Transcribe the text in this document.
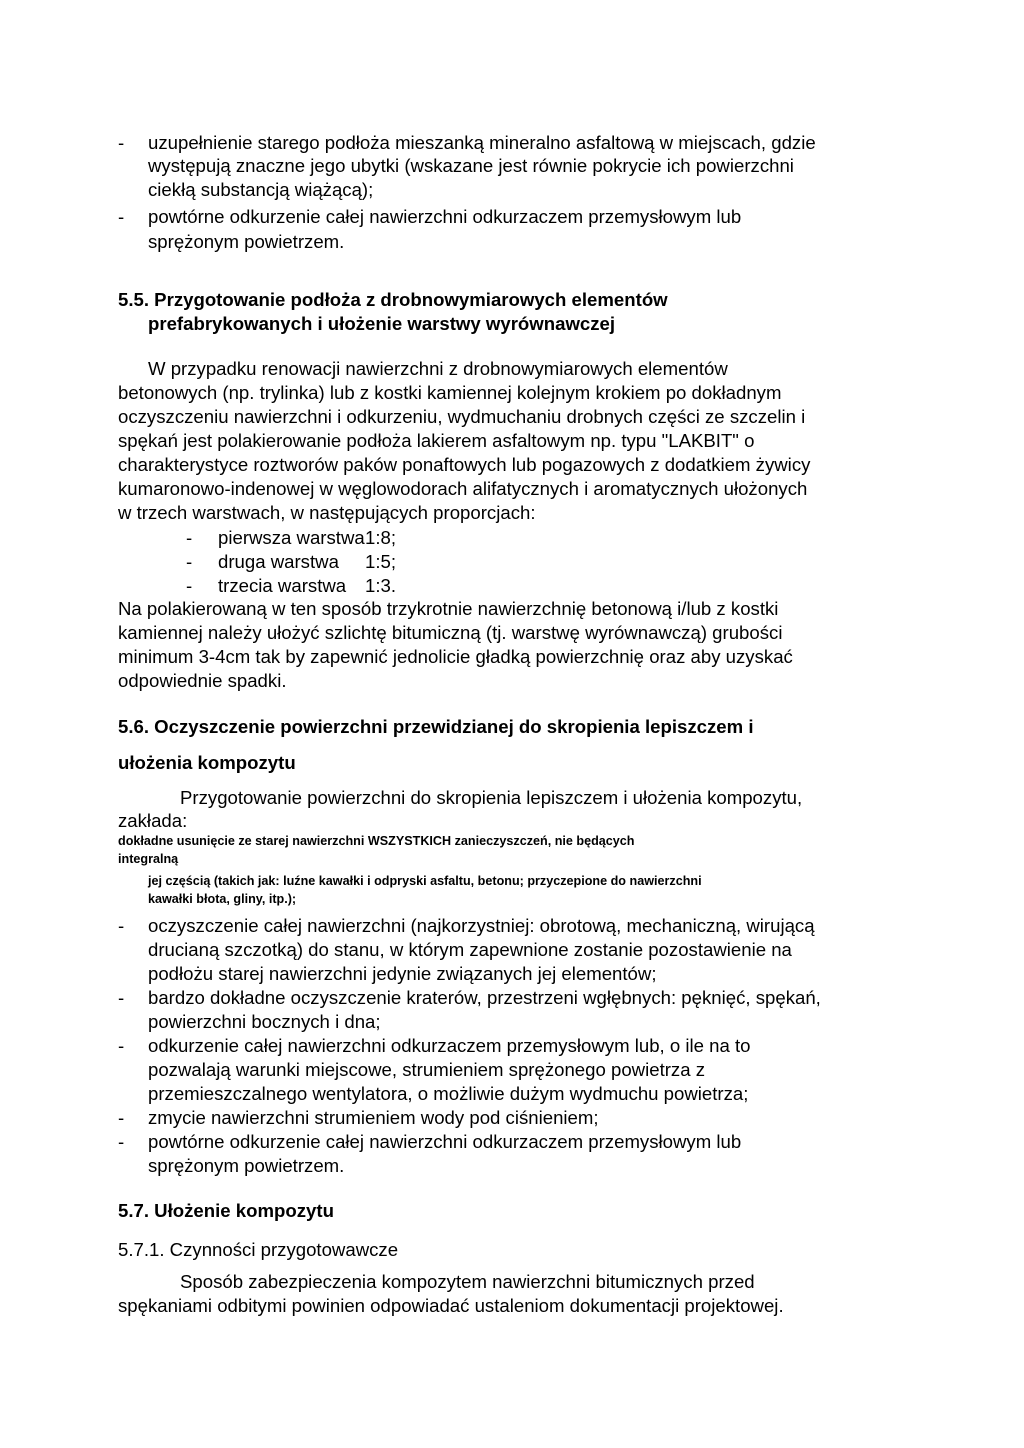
- uzupełnienie starego podłoża mieszanką mineralno asfaltową w miejscach, gdzie
występują znaczne jego ubytki (wskazane jest równie pokrycie ich powierzchni
ciekłą substancją wiążącą);
- powtórne odkurzenie całej nawierzchni odkurzaczem przemysłowym lub
sprężonym powietrzem.
5.5. Przygotowanie podłoża z drobnowymiarowych elementów
prefabrykowanych i ułożenie warstwy wyrównawczej
W przypadku renowacji nawierzchni z drobnowymiarowych elementów
betonowych (np. trylinka) lub z kostki kamiennej kolejnym krokiem po dokładnym
oczyszczeniu nawierzchni i odkurzeniu, wydmuchaniu drobnych części ze szczelin i
spękań jest polakierowanie podłoża lakierem asfaltowym np. typu "LAKBIT" o
charakterystyce roztworów paków ponaftowych lub pogazowych z dodatkiem żywicy
kumaronowo-indenowej w węglowodorach alifatycznych i aromatycznych ułożonych
w trzech warstwach, w następujących proporcjach:
- pierwsza warstwa 1:8;
- druga warstwa 1:5;
- trzecia warstwa 1:3.
Na polakierowaną w ten sposób trzykrotnie nawierzchnię betonową i/lub z kostki
kamiennej należy ułożyć szlichtę bitumiczną (tj. warstwę wyrównawczą) grubości
minimum 3-4cm tak by zapewnić jednolicie gładką powierzchnię oraz aby uzyskać
odpowiednie spadki.
5.6. Oczyszczenie powierzchni przewidzianej do skropienia lepiszczem i
ułożenia kompozytu
Przygotowanie powierzchni do skropienia lepiszczem i ułożenia kompozytu,
zakłada:
dokładne usunięcie ze starej nawierzchni WSZYSTKICH zanieczyszczeń, nie będących
integralną
jej częścią (takich jak: luźne kawałki i odpryski asfaltu, betonu; przyczepione do nawierzchni
kawałki błota, gliny, itp.);
- oczyszczenie całej nawierzchni (najkorzystniej: obrotową, mechaniczną, wirującą
drucianą szczotką) do stanu, w którym zapewnione zostanie pozostawienie na
podłożu starej nawierzchni jedynie związanych jej elementów;
- bardzo dokładne oczyszczenie kraterów, przestrzeni wgłębnych: pęknięć, spękań,
powierzchni bocznych i dna;
- odkurzenie całej nawierzchni odkurzaczem przemysłowym lub, o ile na to
pozwalają warunki miejscowe, strumieniem sprężonego powietrza z
przemieszczalnego wentylatora, o możliwie dużym wydmuchu powietrza;
- zmycie nawierzchni strumieniem wody pod ciśnieniem;
- powtórne odkurzenie całej nawierzchni odkurzaczem przemysłowym lub
sprężonym powietrzem.
5.7. Ułożenie kompozytu
5.7.1. Czynności przygotowawcze
Sposób zabezpieczenia kompozytem nawierzchni bitumicznych przed
spękaniami odbitymi powinien odpowiadać ustaleniom dokumentacji projektowej.
